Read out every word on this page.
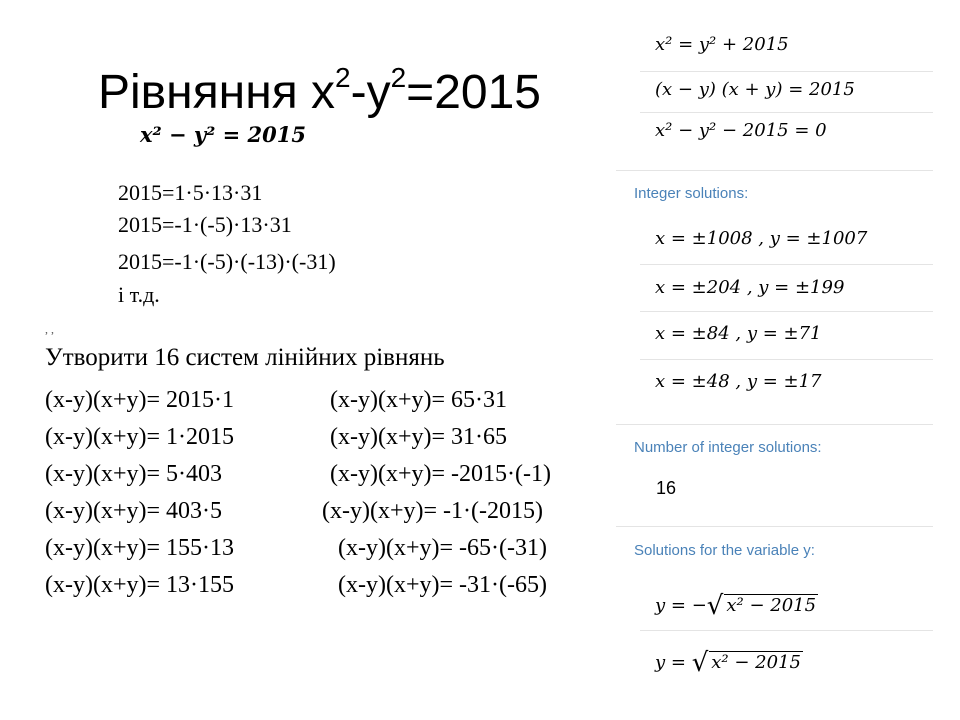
Рівняння $x^2-y^2=2015$
x² − y² = 2015
2015=1·5·13·31
2015=-1·(-5)·13·31
2015=-1·(-5)·(-13)·(-31)
і т.д.
, ,
Утворити 16 систем лінійних рівнянь
(x-y)(x+y)= 2015·1
(x-y)(x+y)= 1·2015
(x-y)(x+y)= 5·403
(x-y)(x+y)= 403·5
(x-y)(x+y)= 155·13
(x-y)(x+y)= 13·155
(x-y)(x+y)= 65·31
(x-y)(x+y)= 31·65
(x-y)(x+y)= -2015·(-1)
(x-y)(x+y)= -1·(-2015)
(x-y)(x+y)= -65·(-31)
(x-y)(x+y)= -31·(-65)
x² = y² + 2015
(x − y) (x + y) = 2015
x² − y² − 2015 = 0
Integer solutions:
x = ±1008 , y = ±1007
x = ±204 , y = ±199
x = ±84 , y = ±71
x = ±48 , y = ±17
Number of integer solutions:
16
Solutions for the variable y:
y = −√ x² − 2015
y = √ x² − 2015
